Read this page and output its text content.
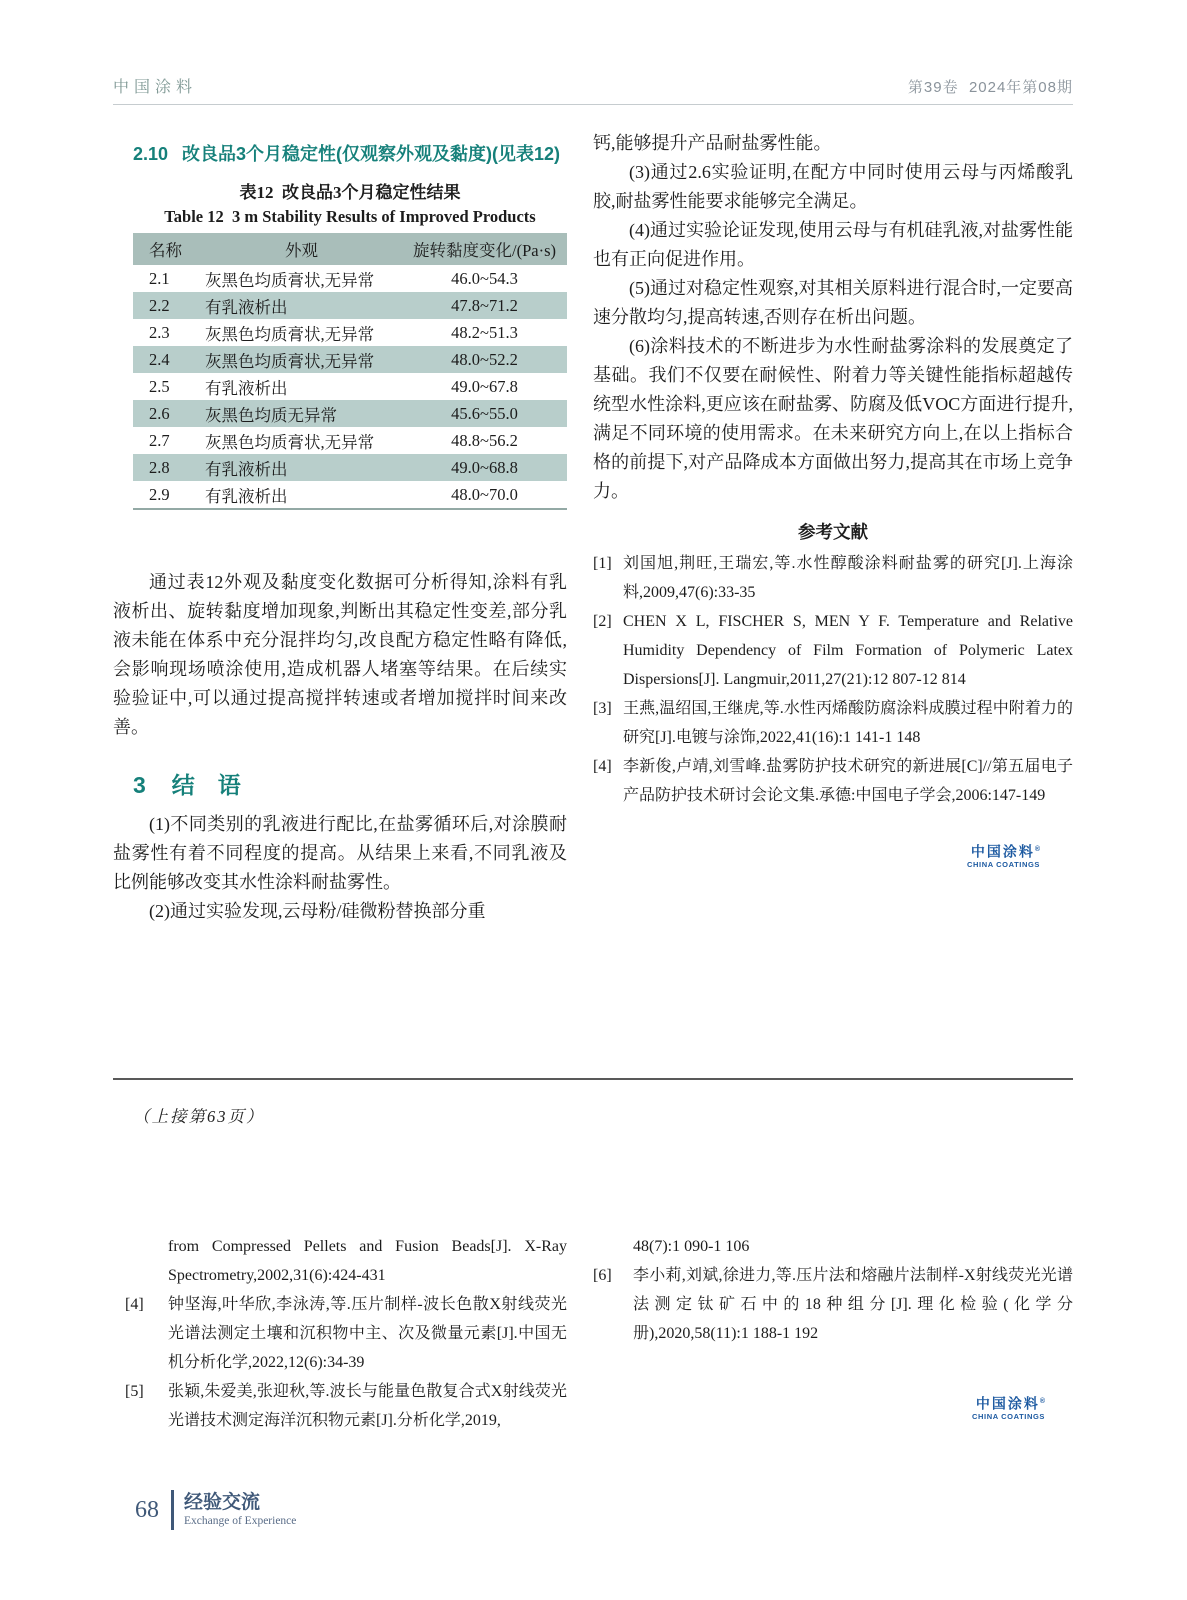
中国涂料	第39卷  2024年第08期
2.10 改良品3个月稳定性(仅观察外观及黏度)(见表12)
表12  改良品3个月稳定性结果
Table 12  3 m Stability Results of Improved Products
名称	外观	旋转黏度变化/(Pa·s)
2.1	灰黑色均质膏状,无异常	46.0~54.3
2.2	有乳液析出	47.8~71.2
2.3	灰黑色均质膏状,无异常	48.2~51.3
2.4	灰黑色均质膏状,无异常	48.0~52.2
2.5	有乳液析出	49.0~67.8
2.6	灰黑色均质无异常	45.6~55.0
2.7	灰黑色均质膏状,无异常	48.8~56.2
2.8	有乳液析出	49.0~68.8
2.9	有乳液析出	48.0~70.0

通过表12外观及黏度变化数据可分析得知,涂料有乳液析出、旋转黏度增加现象,判断出其稳定性变差,部分乳液未能在体系中充分混拌均匀,改良配方稳定性略有降低,会影响现场喷涂使用,造成机器人堵塞等结果。在后续实验验证中,可以通过提高搅拌转速或者增加搅拌时间来改善。

3 结　语

(1)不同类别的乳液进行配比,在盐雾循环后,对涂膜耐盐雾性有着不同程度的提高。从结果上来看,不同乳液及比例能够改变其水性涂料耐盐雾性。

(2)通过实验发现,云母粉/硅微粉替换部分重

钙,能够提升产品耐盐雾性能。

(3)通过2.6实验证明,在配方中同时使用云母与丙烯酸乳胶,耐盐雾性能要求能够完全满足。

(4)通过实验论证发现,使用云母与有机硅乳液,对盐雾性能也有正向促进作用。

(5)通过对稳定性观察,对其相关原料进行混合时,一定要高速分散均匀,提高转速,否则存在析出问题。

(6)涂料技术的不断进步为水性耐盐雾涂料的发展奠定了基础。我们不仅要在耐候性、附着力等关键性能指标超越传统型水性涂料,更应该在耐盐雾、防腐及低VOC方面进行提升,满足不同环境的使用需求。在未来研究方向上,在以上指标合格的前提下,对产品降成本方面做出努力,提高其在市场上竞争力。

参考文献
[1] 刘国旭,荆旺,王瑞宏,等.水性醇酸涂料耐盐雾的研究[J].上海涂料,2009,47(6):33-35
[2] CHEN X L, FISCHER S, MEN Y F. Temperature and Relative Humidity Dependency of Film Formation of Polymeric Latex Dispersions[J]. Langmuir,2011,27(21):12 807-12 814
[3] 王燕,温绍国,王继虎,等.水性丙烯酸防腐涂料成膜过程中附着力的研究[J].电镀与涂饰,2022,41(16):1 141-1 148
[4] 李新俊,卢靖,刘雪峰.盐雾防护技术研究的新进展[C]//第五届电子产品防护技术研讨会论文集.承德:中国电子学会,2006:147-149
中国涂料®
CHINA COATINGS
（上接第63页）
from Compressed Pellets and Fusion Beads[J]. X-Ray Spectrometry,2002,31(6):424-431
[4]	钟坚海,叶华欣,李泳涛,等.压片制样-波长色散X射线荧光光谱法测定土壤和沉积物中主、次及微量元素[J].中国无机分析化学,2022,12(6):34-39
[5]	张颖,朱爱美,张迎秋,等.波长与能量色散复合式X射线荧光光谱技术测定海洋沉积物元素[J].分析化学,2019,
48(7):1 090-1 106
[6]	李小莉,刘斌,徐进力,等.压片法和熔融片法制样-X射线荧光光谱法测定钛矿石中的18种组分[J].理化检验(化学分册),2020,58(11):1 188-1 192
中国涂料®
CHINA COATINGS
68 经验交流
Exchange of Experience
